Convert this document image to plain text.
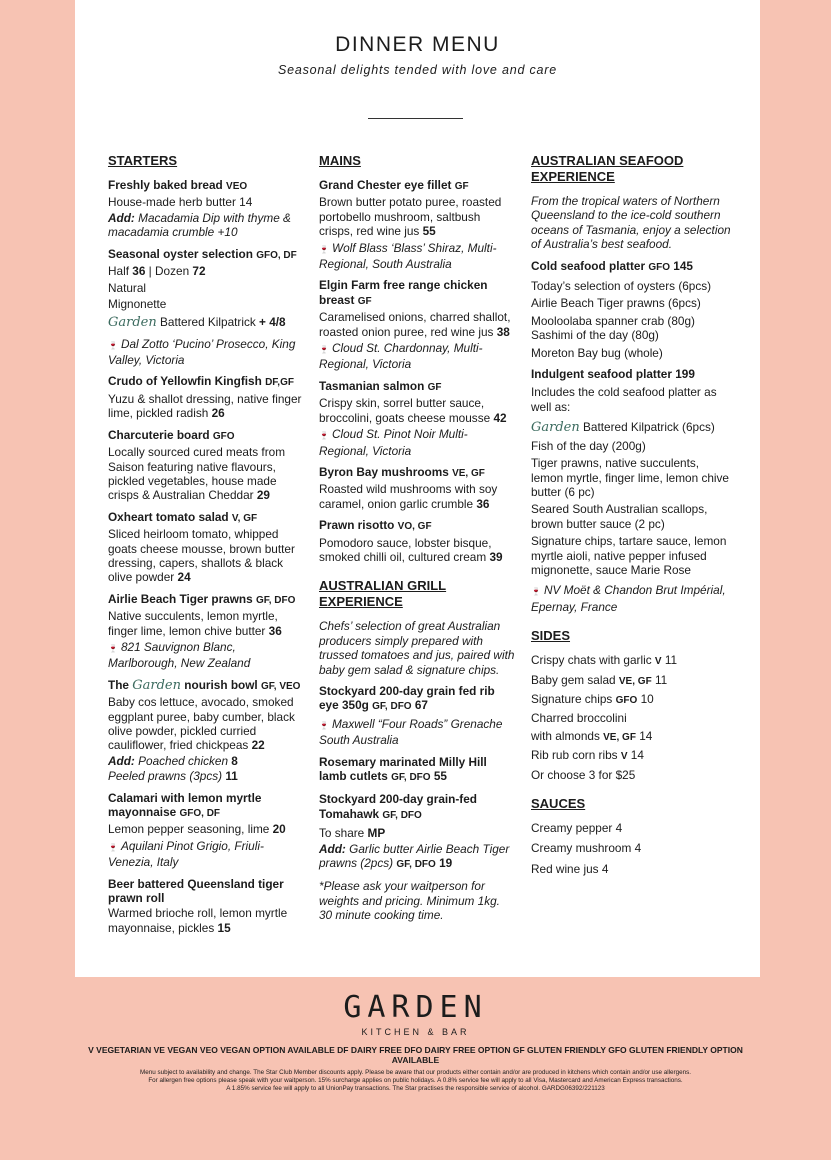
DINNER MENU
Seasonal delights tended with love and care
STARTERS
Freshly baked bread VEO
House-made herb butter 14
Add: Macadamia Dip with thyme & macadamia crumble +10
Seasonal oyster selection GFO, DF
Half 36 | Dozen 72
Natural
Mignonette
Garden Battered Kilpatrick + 4/8
🍷 Dal Zotto ‘Pucino’ Prosecco, King Valley, Victoria
Crudo of Yellowfin Kingfish DF,GF
Yuzu & shallot dressing, native finger lime, pickled radish 26
Charcuterie board GFO
Locally sourced cured meats from Saison featuring native flavours, pickled vegetables, house made crisps & Australian Cheddar 29
Oxheart tomato salad V, GF
Sliced heirloom tomato, whipped goats cheese mousse, brown butter dressing, capers, shallots & black olive powder 24
Airlie Beach Tiger prawns GF, DFO
Native succulents, lemon myrtle, finger lime, lemon chive butter 36
🍷 821 Sauvignon Blanc, Marlborough, New Zealand
The Garden nourish bowl GF, VEO
Baby cos lettuce, avocado, smoked eggplant puree, baby cumber, black olive powder, pickled curried cauliflower, fried chickpeas 22
Add: Poached chicken 8
Peeled prawns (3pcs) 11
Calamari with lemon myrtle mayonnaise GFO, DF
Lemon pepper seasoning, lime 20
🍷 Aquilani Pinot Grigio, Friuli-Venezia, Italy
Beer battered Queensland tiger prawn roll
Warmed brioche roll, lemon myrtle mayonnaise, pickles 15
MAINS
Grand Chester eye fillet GF
Brown butter potato puree, roasted portobello mushroom, saltbush crisps, red wine jus 55
🍷 Wolf Blass ‘Blass’ Shiraz, Multi-Regional, South Australia
Elgin Farm free range chicken breast GF
Caramelised onions, charred shallot, roasted onion puree, red wine jus 38
🍷 Cloud St. Chardonnay, Multi-Regional, Victoria
Tasmanian salmon GF
Crispy skin, sorrel butter sauce, broccolini, goats cheese mousse 42
🍷 Cloud St. Pinot Noir Multi-Regional, Victoria
Byron Bay mushrooms VE, GF
Roasted wild mushrooms with soy caramel, onion garlic crumble 36
Prawn risotto VO, GF
Pomodoro sauce, lobster bisque, smoked chilli oil, cultured cream 39
AUSTRALIAN GRILL EXPERIENCE
Chefs’ selection of great Australian producers simply prepared with trussed tomatoes and jus, paired with baby gem salad & signature chips.
Stockyard 200-day grain fed rib eye 350g GF, DFO 67
🍷 Maxwell “Four Roads” Grenache South Australia
Rosemary marinated Milly Hill lamb cutlets GF, DFO 55
Stockyard 200-day grain-fed Tomahawk GF, DFO
To share MP
Add: Garlic butter Airlie Beach Tiger prawns (2pcs) GF, DFO 19
*Please ask your waitperson for weights and pricing. Minimum 1kg. 30 minute cooking time.
AUSTRALIAN SEAFOOD EXPERIENCE
From the tropical waters of Northern Queensland to the ice-cold southern oceans of Tasmania, enjoy a selection of Australia’s best seafood.
Cold seafood platter GFO 145
Today’s selection of oysters (6pcs)
Airlie Beach Tiger prawns (6pcs)
Mooloolaba spanner crab (80g)
Sashimi of the day (80g)
Moreton Bay bug (whole)
Indulgent seafood platter 199
Includes the cold seafood platter as well as:
Garden Battered Kilpatrick (6pcs)
Fish of the day (200g)
Tiger prawns, native succulents, lemon myrtle, finger lime, lemon chive butter (6 pc)
Seared South Australian scallops, brown butter sauce (2 pc)
Signature chips, tartare sauce, lemon myrtle aioli, native pepper infused mignonette, sauce Marie Rose
🍷 NV Moët & Chandon Brut Impérial, Epernay, France
SIDES
Crispy chats with garlic V 11
Baby gem salad VE, GF 11
Signature chips GFO 10
Charred broccolini
with almonds VE, GF 14
Rib rub corn ribs V 14
Or choose 3 for $25
SAUCES
Creamy pepper 4
Creamy mushroom 4
Red wine jus 4
GARDEN
KITCHEN & BAR
V VEGETARIAN VE VEGAN VEO VEGAN OPTION AVAILABLE DF DAIRY FREE DFO DAIRY FREE OPTION GF GLUTEN FRIENDLY GFO GLUTEN FRIENDLY OPTION AVAILABLE
Menu subject to availability and change. The Star Club Member discounts apply. Please be aware that our products either contain and/or are produced in kitchens which contain and/or use allergens.
For allergen free options please speak with your waitperson. 15% surcharge applies on public holidays. A 0.8% service fee will apply to all Visa, Mastercard and American Express transactions.
A 1.85% service fee will apply to all UnionPay transactions. The Star practises the responsible service of alcohol. GARDG06392/221123
